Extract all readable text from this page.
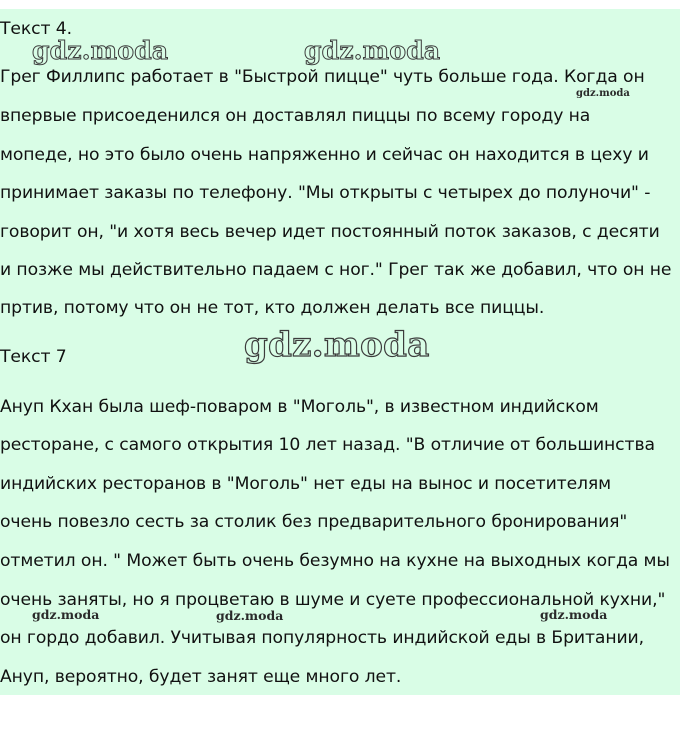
Текст 4.
Грег Филлипс работает в "Быстрой пицце" чуть больше года. Когда он
впервые присоеденился он доставлял пиццы по всему городу на
мопеде, но это было очень напряженно и сейчас он находится в цеху и
принимает заказы по телефону. "Мы открыты с четырех до полуночи" -
говорит он, "и хотя весь вечер идет постоянный поток заказов, с десяти
и позже мы действительно падаем с ног." Грег так же добавил, что он не
пртив, потому что он не тот, кто должен делать все пиццы.
Текст 7
Ануп Кхан была шеф-поваром в "Моголь", в известном индийском
ресторане, с самого открытия 10 лет назад. "В отличие от большинства
индийских ресторанов в "Моголь" нет еды на вынос и посетителям
очень повезло сесть за столик без предварительного бронирования"
отметил он. " Может быть очень безумно на кухне на выходных когда мы
очень заняты, но я процветаю в шуме и суете профессиональной кухни,"
он гордо добавил. Учитывая популярность индийской еды в Британии,
Ануп, вероятно, будет занят еще много лет.
gdz.moda	gdz.moda
gdz.moda
gdz.moda
gdz.moda	gdz.moda	gdz.moda
